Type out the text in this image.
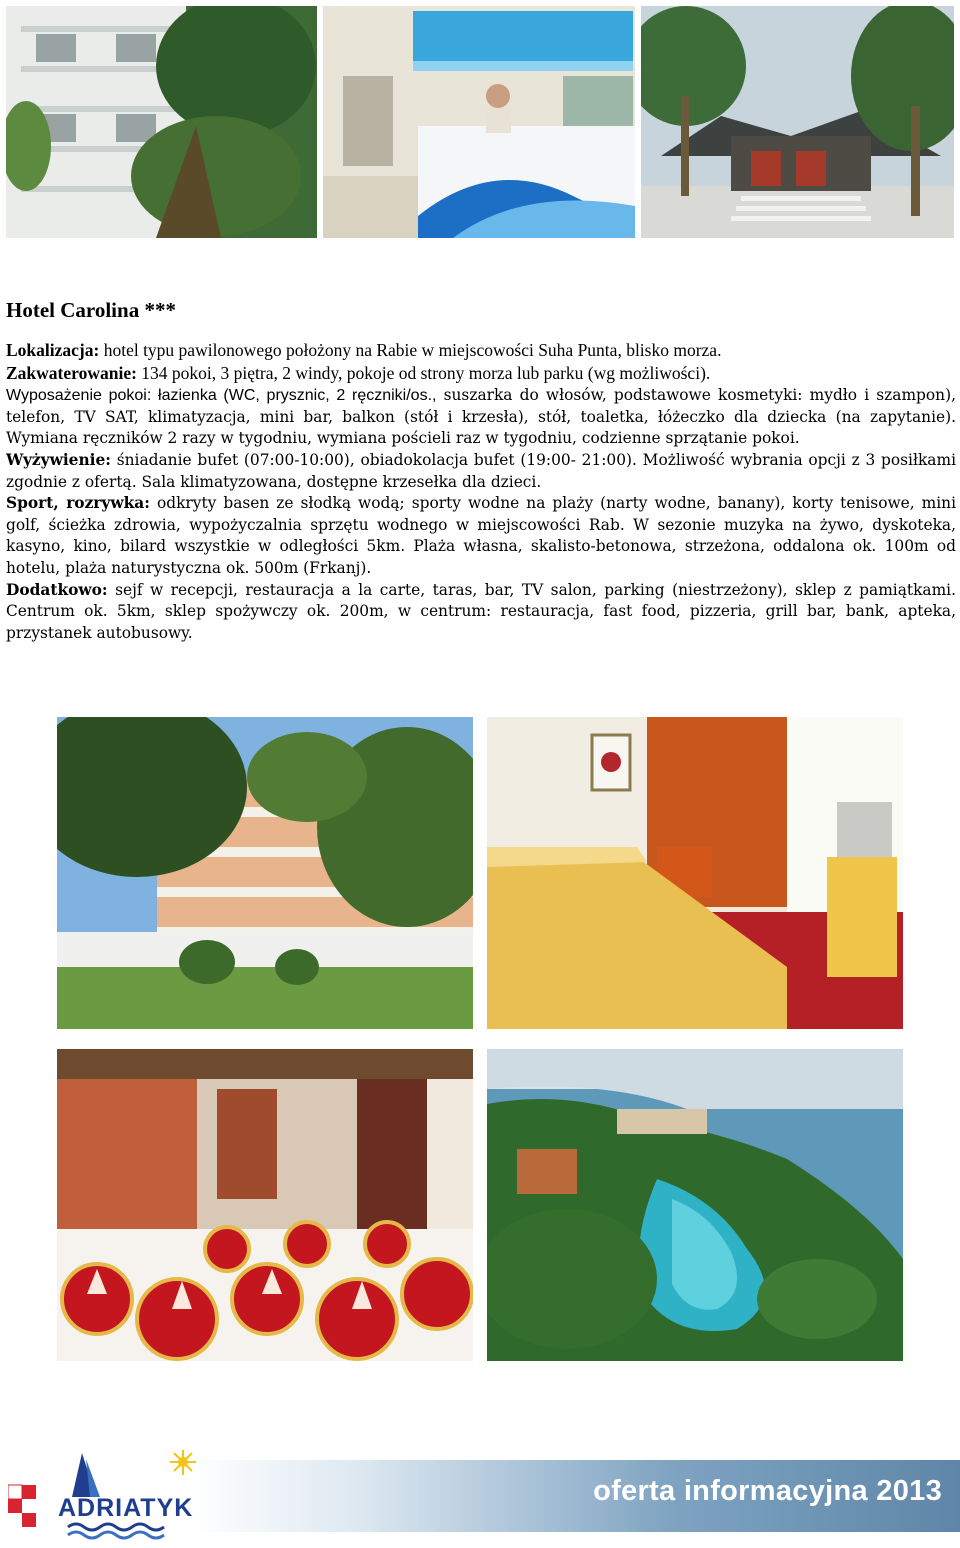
Hotel Carolina ***

Lokalizacja: hotel typu pawilonowego położony na Rabie w miejscowości Suha Punta, blisko morza.

Zakwaterowanie: 134 pokoi, 3 piętra, 2 windy, pokoje od strony morza lub parku (wg możliwości).

Wyposażenie pokoi: łazienka (WC, prysznic, 2 ręczniki/os., suszarka do włosów, podstawowe kosmetyki: mydło i szampon), telefon, TV SAT, klimatyzacja, mini bar, balkon (stół i krzesła), stół, toaletka, łóżeczko dla dziecka (na zapytanie). Wymiana ręczników 2 razy w tygodniu, wymiana pościeli raz w tygodniu, codzienne sprzątanie pokoi.

Wyżywienie: śniadanie bufet (07:00-10:00), obiadokolacja bufet (19:00- 21:00). Możliwość wybrania opcji z 3 posiłkami zgodnie z ofertą. Sala klimatyzowana, dostępne krzesełka dla dzieci.

Sport, rozrywka: odkryty basen ze słodką wodą; sporty wodne na plaży (narty wodne, banany), korty tenisowe, mini golf, ścieżka zdrowia, wypożyczalnia sprzętu wodnego w miejscowości Rab. W sezonie muzyka na żywo, dyskoteka, kasyno, kino, bilard wszystkie w odległości 5km. Plaża własna, skalisto-betonowa, strzeżona, oddalona ok. 100m od hotelu, plaża naturystyczna ok. 500m (Frkanj).

Dodatkowo: sejf w recepcji, restauracja a la carte, taras, bar, TV salon, parking (niestrzeżony), sklep z pamiątkami. Centrum ok. 5km, sklep spożywczy ok. 200m, w centrum: restauracja, fast food, pizzeria, grill bar, bank, apteka, przystanek autobusowy.

oferta informacyjna 2013
ADRIATYK
